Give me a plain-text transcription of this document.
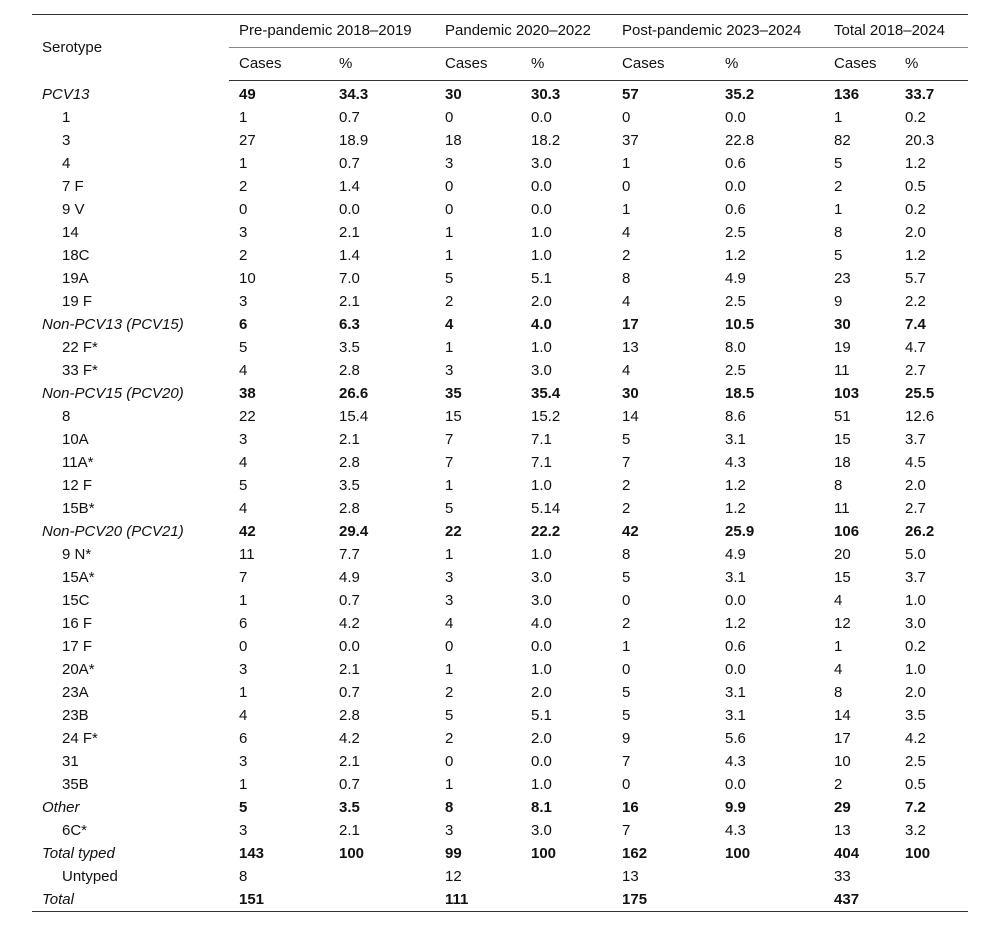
Serotype	Pre-pandemic 2018–2019		Pandemic 2020–2022		Post-pandemic 2023–2024		Total 2018–2024	
	Cases	%	Cases	%	Cases	%	Cases	%
PCV13	49	34.3	30	30.3	57	35.2	136	33.7
1	1	0.7	0	0.0	0	0.0	1	0.2
3	27	18.9	18	18.2	37	22.8	82	20.3
4	1	0.7	3	3.0	1	0.6	5	1.2
7 F	2	1.4	0	0.0	0	0.0	2	0.5
9 V	0	0.0	0	0.0	1	0.6	1	0.2
14	3	2.1	1	1.0	4	2.5	8	2.0
18C	2	1.4	1	1.0	2	1.2	5	1.2
19A	10	7.0	5	5.1	8	4.9	23	5.7
19 F	3	2.1	2	2.0	4	2.5	9	2.2
Non-PCV13 (PCV15)	6	6.3	4	4.0	17	10.5	30	7.4
22 F*	5	3.5	1	1.0	13	8.0	19	4.7
33 F*	4	2.8	3	3.0	4	2.5	11	2.7
Non-PCV15 (PCV20)	38	26.6	35	35.4	30	18.5	103	25.5
8	22	15.4	15	15.2	14	8.6	51	12.6
10A	3	2.1	7	7.1	5	3.1	15	3.7
11A*	4	2.8	7	7.1	7	4.3	18	4.5
12 F	5	3.5	1	1.0	2	1.2	8	2.0
15B*	4	2.8	5	5.14	2	1.2	11	2.7
Non-PCV20 (PCV21)	42	29.4	22	22.2	42	25.9	106	26.2
9 N*	11	7.7	1	1.0	8	4.9	20	5.0
15A*	7	4.9	3	3.0	5	3.1	15	3.7
15C	1	0.7	3	3.0	0	0.0	4	1.0
16 F	6	4.2	4	4.0	2	1.2	12	3.0
17 F	0	0.0	0	0.0	1	0.6	1	0.2
20A*	3	2.1	1	1.0	0	0.0	4	1.0
23A	1	0.7	2	2.0	5	3.1	8	2.0
23B	4	2.8	5	5.1	5	3.1	14	3.5
24 F*	6	4.2	2	2.0	9	5.6	17	4.2
31	3	2.1	0	0.0	7	4.3	10	2.5
35B	1	0.7	1	1.0	0	0.0	2	0.5
Other	5	3.5	8	8.1	16	9.9	29	7.2
6C*	3	2.1	3	3.0	7	4.3	13	3.2
Total typed	143	100	99	100	162	100	404	100
Untyped	8		12		13		33	
Total	151		111		175		437	
